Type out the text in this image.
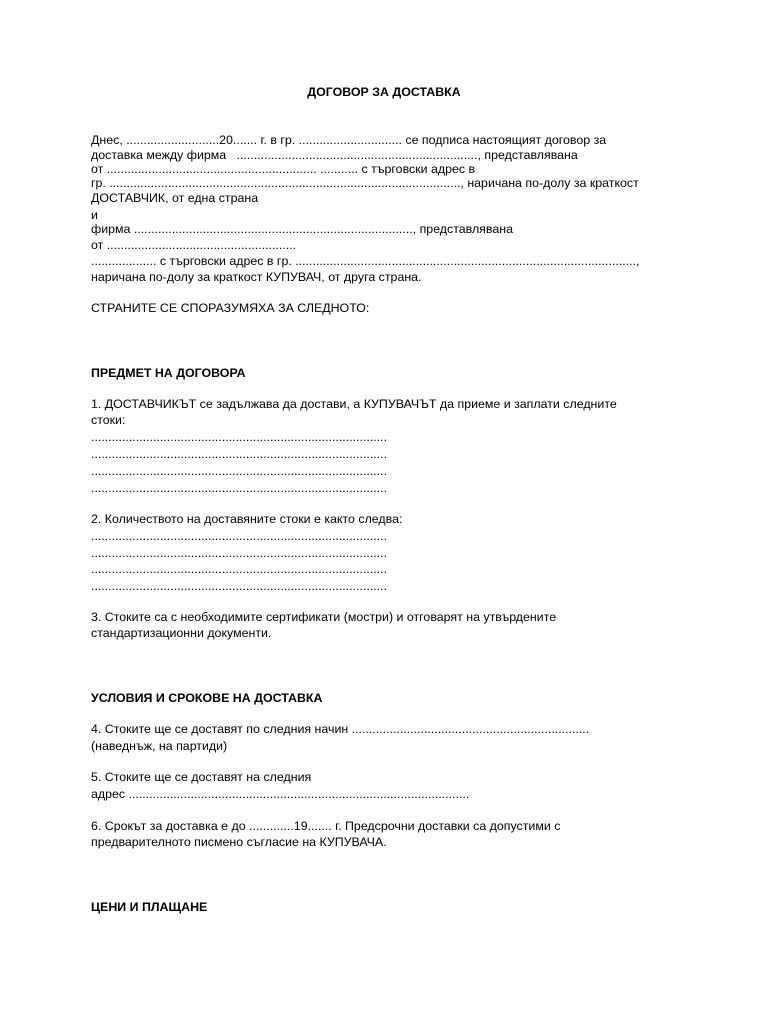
ДОГОВОР ЗА ДОСТАВКА

Днес, ...........................20....... г. в гр. .............................. се подписа настоящият договор за

доставка между фирма   ......................................................................, представлявана

от ............................................................. ........... с търговски адрес в

гр. ......................................................................................................, наричана по-долу за краткост

ДОСТАВЧИК, от една страна

и

фирма ................................................................................., представлявана

от .......................................................

................... с търговски адрес в гр. ...................................................................................................,

наричана по-долу за краткост КУПУВАЧ, от друга страна.

СТРАНИТЕ СЕ СПОРАЗУМЯХА ЗА СЛЕДНОТО:

ПРЕДМЕТ НА ДОГОВОРА

1. ДОСТАВЧИКЪТ се задължава да достави, а КУПУВАЧЪТ да приеме и заплати следните

стоки:

......................................................................................

......................................................................................

......................................................................................

......................................................................................

2. Количеството на доставяните стоки е както следва:

......................................................................................

......................................................................................

......................................................................................

......................................................................................

3. Стоките са с необходимите сертификати (мостри) и отговарят на утвърдените

стандартизационни документи.

УСЛОВИЯ И СРОКОВЕ НА ДОСТАВКА

4. Стоките ще се доставят по следния начин .....................................................................

(наведнъж, на партиди)

5. Стоките ще се доставят на следния

адрес ...................................................................................................

6. Срокът за доставка е до .............19....... г. Предсрочни доставки са допустими с

предварителното писмено съгласие на КУПУВАЧА.

ЦЕНИ И ПЛАЩАНЕ
